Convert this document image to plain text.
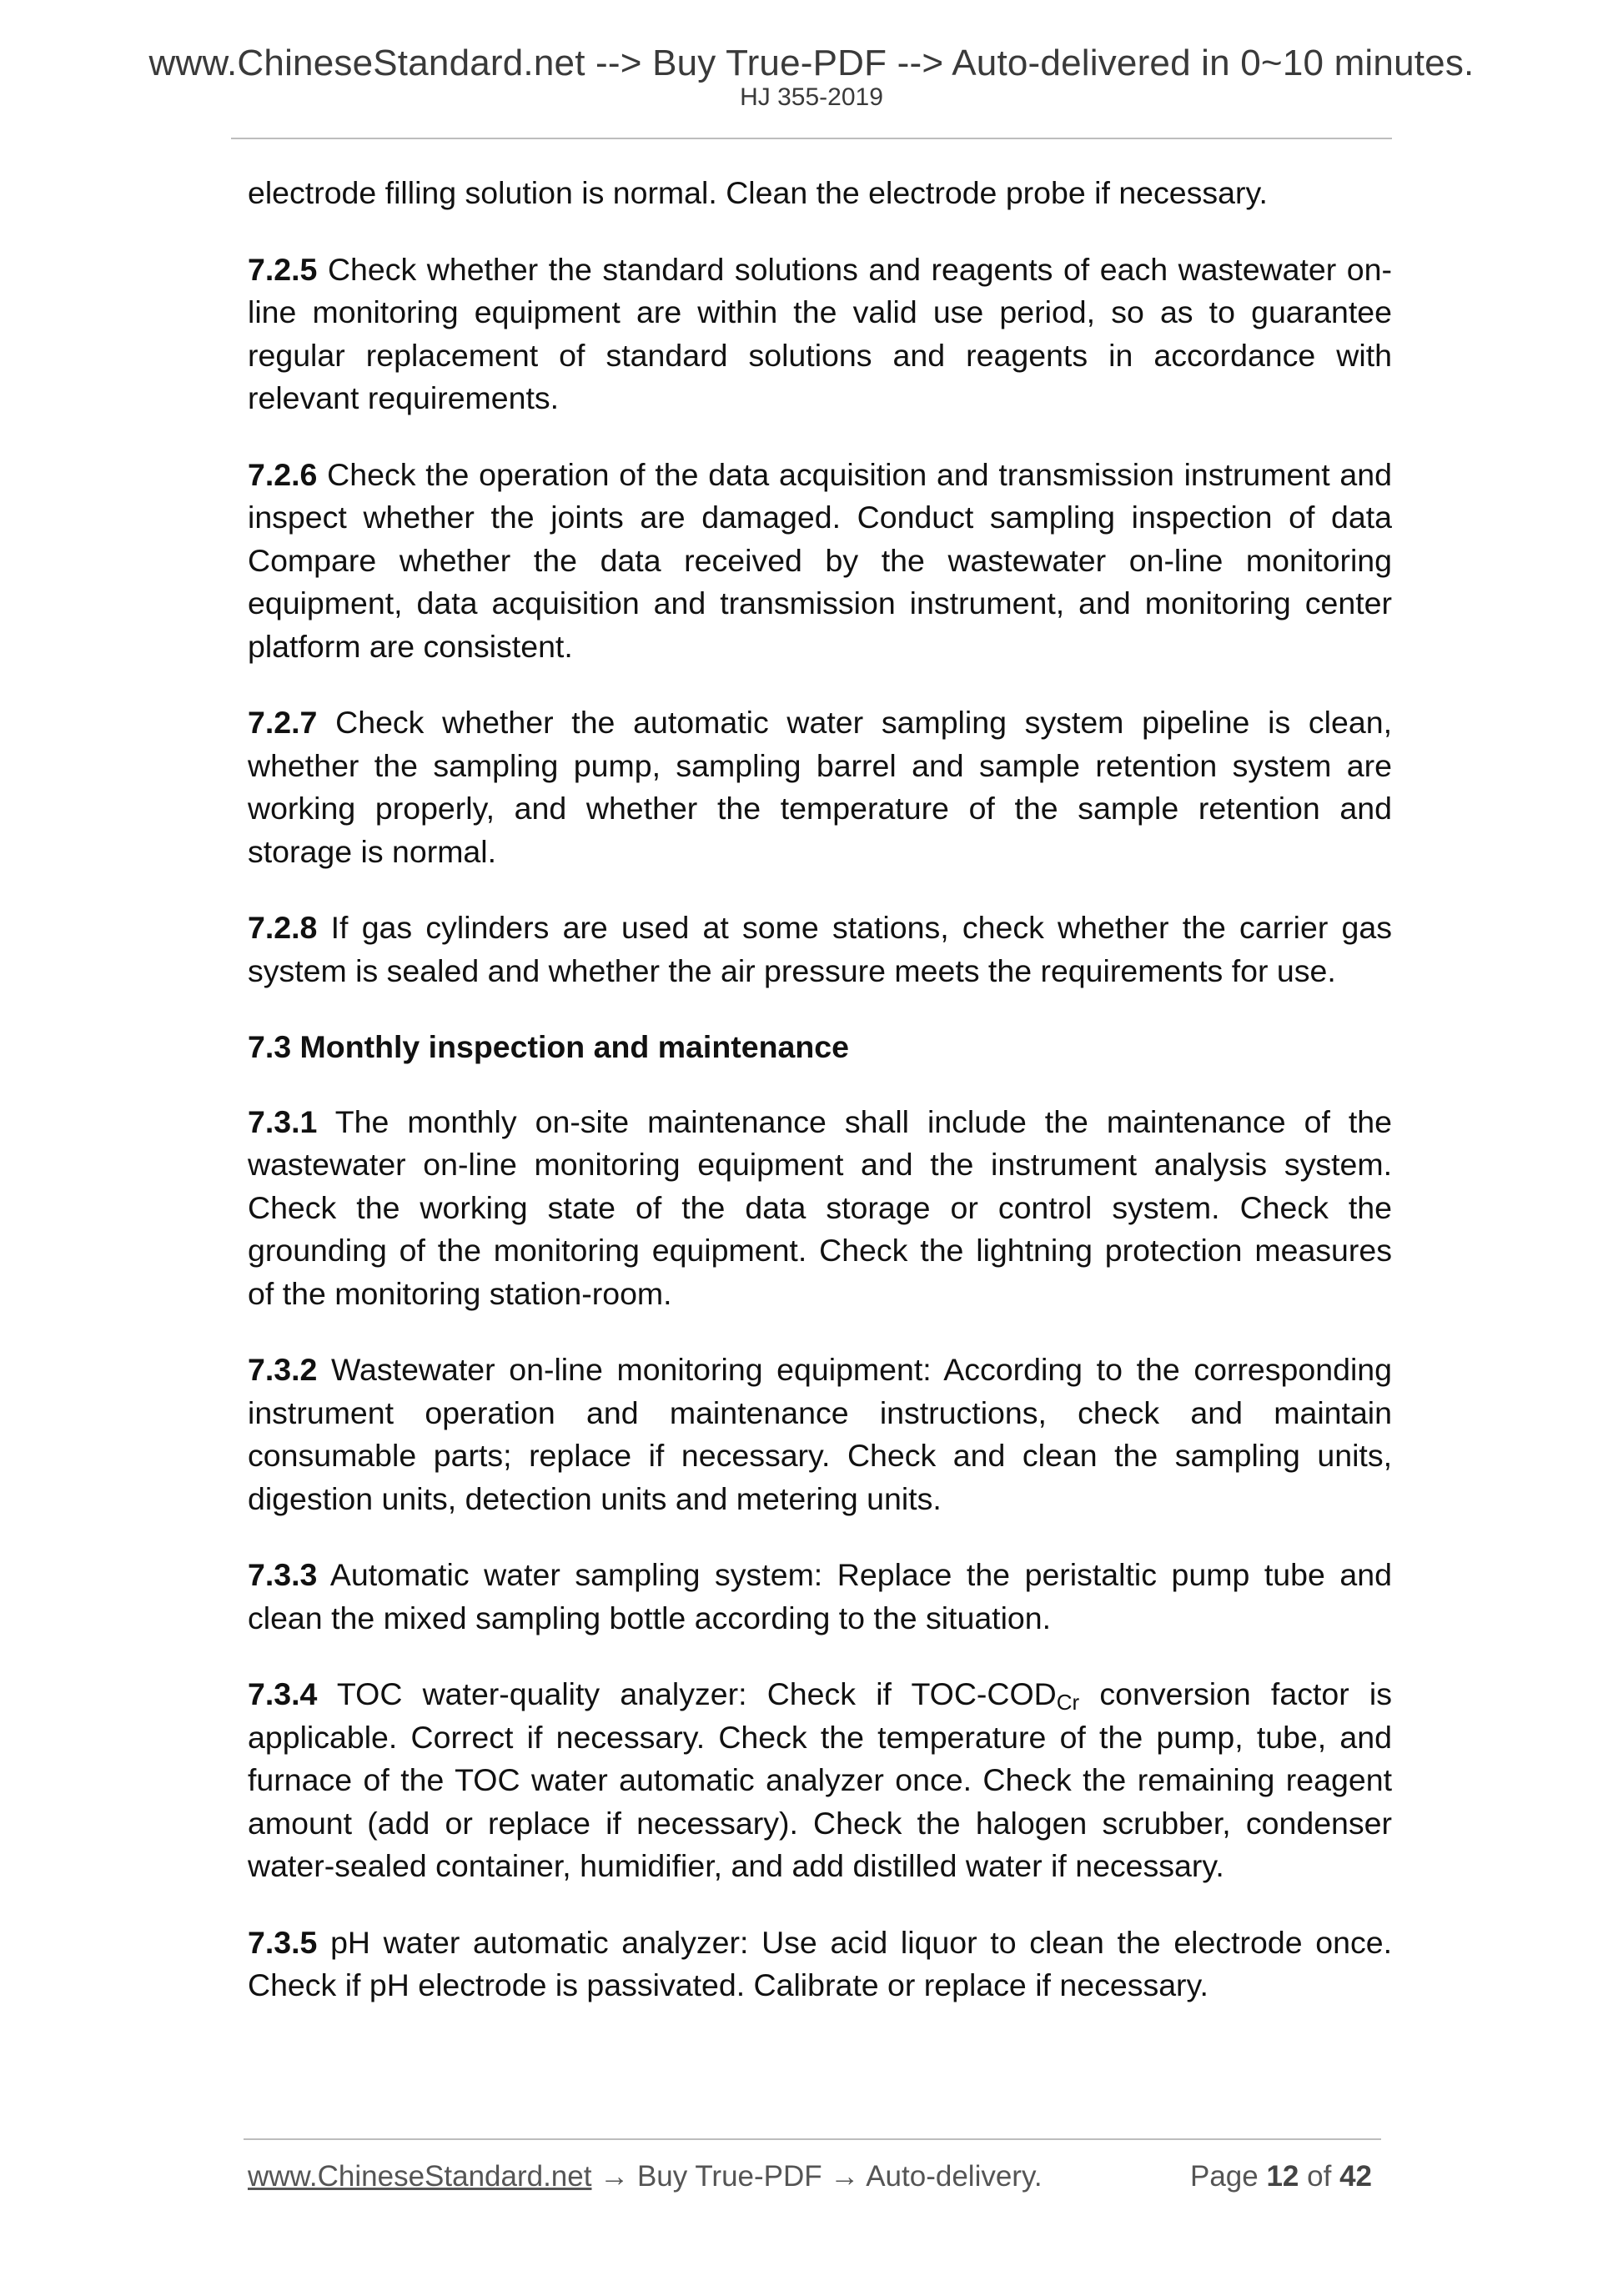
www.ChineseStandard.net --> Buy True-PDF --> Auto-delivered in 0~10 minutes.
HJ 355-2019

electrode filling solution is normal. Clean the electrode probe if necessary.

7.2.5 Check whether the standard solutions and reagents of each wastewater on-line monitoring equipment are within the valid use period, so as to guarantee regular replacement of standard solutions and reagents in accordance with relevant requirements.

7.2.6 Check the operation of the data acquisition and transmission instrument and inspect whether the joints are damaged. Conduct sampling inspection of data Compare whether the data received by the wastewater on-line monitoring equipment, data acquisition and transmission instrument, and monitoring center platform are consistent.

7.2.7 Check whether the automatic water sampling system pipeline is clean, whether the sampling pump, sampling barrel and sample retention system are working properly, and whether the temperature of the sample retention and storage is normal.

7.2.8 If gas cylinders are used at some stations, check whether the carrier gas system is sealed and whether the air pressure meets the requirements for use.

7.3 Monthly inspection and maintenance

7.3.1 The monthly on-site maintenance shall include the maintenance of the wastewater on-line monitoring equipment and the instrument analysis system. Check the working state of the data storage or control system. Check the grounding of the monitoring equipment. Check the lightning protection measures of the monitoring station-room.

7.3.2 Wastewater on-line monitoring equipment: According to the corresponding instrument operation and maintenance instructions, check and maintain consumable parts; replace if necessary. Check and clean the sampling units, digestion units, detection units and metering units.

7.3.3 Automatic water sampling system: Replace the peristaltic pump tube and clean the mixed sampling bottle according to the situation.

7.3.4 TOC water-quality analyzer: Check if TOC-$COD_{Cr}$ conversion factor is applicable. Correct if necessary. Check the temperature of the pump, tube, and furnace of the TOC water automatic analyzer once. Check the remaining reagent amount (add or replace if necessary). Check the halogen scrubber, condenser water-sealed container, humidifier, and add distilled water if necessary.

7.3.5 pH water automatic analyzer: Use acid liquor to clean the electrode once. Check if pH electrode is passivated. Calibrate or replace if necessary.

www.ChineseStandard.net → Buy True-PDF → Auto-delivery.	Page 12 of 42
